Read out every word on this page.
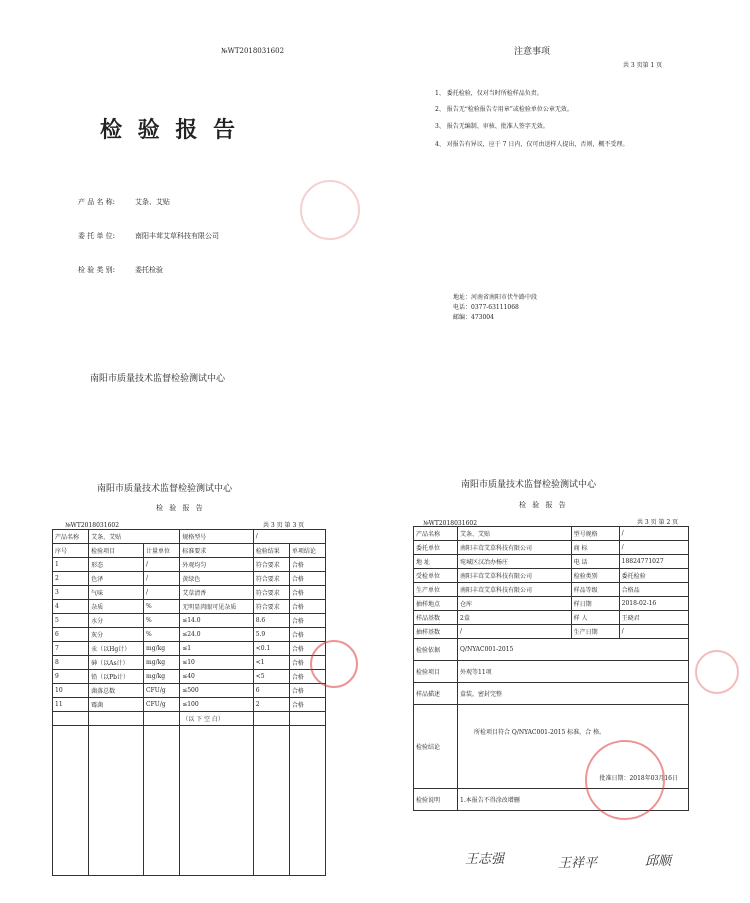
№WT2018031602
检 验 报 告
产 品 名 称:	艾条、艾贴
委 托 单 位:	南阳丰茸艾草科技有限公司
检 验 类 别:	委托检验
南阳市质量技术监督检验测试中心
注意事项
共 3 页第 1 页
1、 委托检验，仅对当时所检样品负责。
2、 报告无“检验报告专用章”或检验单位公章无效。
3、 报告无编制、审核、批准人签字无效。
4、 对报告有异议，应于 7 日内，仅可由送样人提出，否则，概不受理。
地址：河南省南阳市伏牛路中段
电话：0377-63111068
邮编：473004
南阳市质量技术监督检验测试中心
检 验 报 告
№WT2018031602	共 3 页 第 3 页
产品名称	艾条、艾贴		规格型号	/	
序号	检验项目	计量单位	标准要求	检验结果	单项结论
1	形态	/	外观均匀	符合要求	合格
2	色泽	/	黄绿色	符合要求	合格
3	气味	/	艾草清香	符合要求	合格
4	杂质	%	无明显肉眼可见杂质	符合要求	合格
5	水分	%	≤14.0	8.6	合格
6	灰分	%	≤24.0	5.9	合格
7	汞（以Hg计）	mg/kg	≤1	<0.1	合格
8	砷（以As计）	mg/kg	≤10	<1	合格
9	铅（以Pb计）	mg/kg	≤40	<5	合格
10	菌落总数	CFU/g	≤500	6	合格
11	霉菌	CFU/g	≤100	2	合格
			（以 下 空 白）		

南阳市质量技术监督检验测试中心
检 验 报 告
№WT2018031602	共 3 页 第 2 页
产品名称	艾条、艾贴	型号规格	/
委托单位	南阳丰茸艾草科技有限公司	商 标	/
地 址	宛城区汉冶办杨庄	电 话	18824771027
受检单位	南阳丰茸艾草科技有限公司	检验类别	委托检验
生产单位	南阳丰茸艾草科技有限公司	样品等级	合格品
抽样地点	仓库	样日期	2018-02-16
样品基数	2盒	样 人	王晓君
抽样基数	/	生产日期	/
检验依据	Q/NYAC001-2015		
检验项目	外观等11项		
样品描述	盒装，密封完整		
检验结论	所检项目符合 Q/NYAC001-2015 标准，合 格。
批准日期：2018年03月16日		

检验说明	1.本报告不得涂改增删		
王志强	王祥平	邱顺
